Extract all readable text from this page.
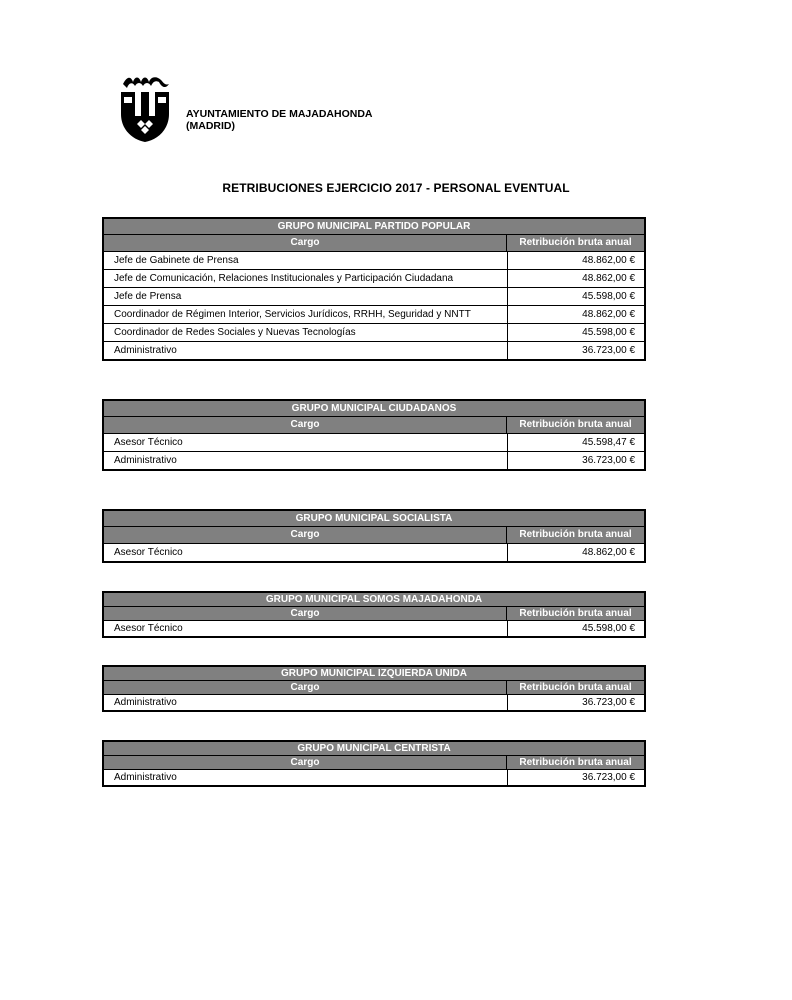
AYUNTAMIENTO DE MAJADAHONDA
(MADRID)
RETRIBUCIONES EJERCICIO 2017 - PERSONAL EVENTUAL
GRUPO MUNICIPAL PARTIDO POPULAR
Cargo	Retribución bruta anual
Jefe de Gabinete de Prensa	48.862,00 €
Jefe de Comunicación, Relaciones Institucionales y Participación Ciudadana	48.862,00 €
Jefe de Prensa	45.598,00 €
Coordinador de Régimen Interior, Servicios Jurídicos, RRHH, Seguridad y NNTT	48.862,00 €
Coordinador de Redes Sociales y Nuevas Tecnologías	45.598,00 €
Administrativo	36.723,00 €
GRUPO MUNICIPAL CIUDADANOS
Cargo	Retribución bruta anual
Asesor Técnico	45.598,47 €
Administrativo	36.723,00 €
GRUPO MUNICIPAL SOCIALISTA
Cargo	Retribución bruta anual
Asesor Técnico	48.862,00 €
GRUPO MUNICIPAL SOMOS MAJADAHONDA
Cargo	Retribución bruta anual
Asesor Técnico	45.598,00 €
GRUPO MUNICIPAL IZQUIERDA UNIDA
Cargo	Retribución bruta anual
Administrativo	36.723,00 €
GRUPO MUNICIPAL CENTRISTA
Cargo	Retribución bruta anual
Administrativo	36.723,00 €
